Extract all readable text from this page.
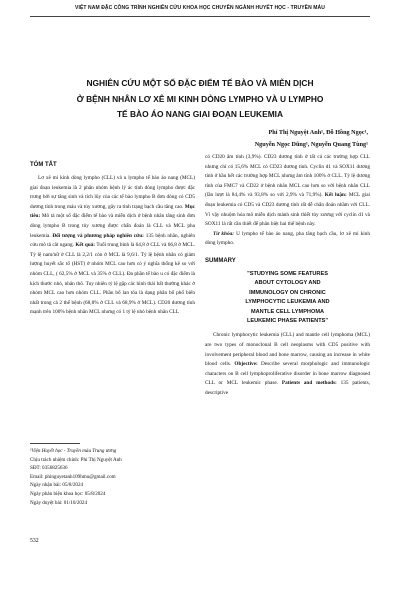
VIỆT NAM ĐẶC CÔNG TRÌNH NGHIÊN CỨU KHOA HỌC CHUYÊN NGÀNH HUYẾT HỌC - TRUYỀN MÁU
NGHIÊN CỨU MỘT SỐ ĐẶC ĐIỂM TẾ BÀO VÀ MIỄN DỊCH
Ở BỆNH NHÂN LƠ XÊ MI KINH DÒNG LYMPHO VÀ U LYMPHO
TẾ BÀO ÁO NANG GIAI ĐOẠN LEUKEMIA
Phí Thị Nguyệt Anh¹, Đỗ Hồng Ngọc¹,
Nguyễn Ngọc Dũng¹, Nguyễn Quang Tùng¹
TÓM TẮT

Lơ xê mi kinh dòng lympho (CLL) và u lympho tế bào áo nang (MCL) giai đoạn leukemia là 2 phân nhóm bệnh lý ác tính dòng lympho được đặc trưng bởi sự tăng sinh và tích lũy của các tế bào lympho B đơn dòng có CD5 dương tính trong máu và tủy xương, gây ra tình trạng bạch cầu tăng cao. Mục tiêu: Mô tả một số đặc điểm tế bào và miễn dịch ở bệnh nhân tăng sinh đơn dòng lympho B trong tủy xương được chẩn đoán là CLL và MCL pha leukemia. Đối tượng và phương pháp nghiên cứu: 135 bệnh nhân, nghiên cứu mô tả cắt ngang. Kết quả: Tuổi trung bình là 64,8 ở CLL và 66,8 ở MCL. Tỷ lệ nam/nữ ở CLL là 2,2/1 còn ở MCL là 9,6/1. Tỷ lệ bệnh nhân có giảm lượng huyết sắc tố (HST) ở nhóm MCL cao hơn có ý nghĩa thống kê so với nhóm CLL, ( 62,5% ở MCL và 35% ở CLL). Đa phần tế bào u có đặc điểm là kích thước nhỏ, nhân thô. Tuy nhiên tỷ lệ gặp các hình thái bất thường khác ở nhóm MCL cao hơn nhóm CLL. Phần bổ lan tỏa là dạng phân bố phổ biến nhất trong cả 2 thể bệnh (68,8% ở CLL và 68,9% ở MCL). CD20 dương tính mạnh trên 100% bệnh nhân MCL nhưng có 1 tỷ lệ nhỏ bệnh nhân CLL

có CD20 âm tính (3,9%). CD23 dương tính ở tất cả các trường hợp CLL nhưng chỉ có 15,6% MCL có CD23 dương tính. Cyclin d1 và SOX11 dương tính ở hầu hết các trường hợp MCL nhưng âm tính 100% ở CLL. Tỷ lệ dương tính của FMC7 và CD22 ở bệnh nhân MCL cao hơn so với bệnh nhân CLL (lần lượt là 84,4% và 93,8% so với 2,9% và 71,9%). Kết luận: MCL giai đoạn leukemia có CD5 và CD23 dương tính rất dễ chẩn đoán nhầm với CLL. Vì vậy nhuộm hóa mô miễn dịch mảnh sinh thiết tủy xương với cyclin d1 và SOX11 là rất cần thiết để phân biệt hai thể bệnh này.

Từ khóa: U lympho tế bào áo nang, pha tăng bạch cầu, lơ xê mi kinh dòng lympho.

SUMMARY
"STUDYING SOME FEATURES
ABOUT CYTOLOGY AND
IMMUNOLOGY ON CHRONIC
LYMPHOCYTIC LEUKEMIA AND
MANTLE CELL LYMPHOMA
LEUKEMIC PHASE PATIENTS"

Chronic lymphocytic leukemia (CLL) and mantle cell lymphoma (MCL) are two types of monoclonal B cell neoplasms with CD5 positive with involvement peripheral blood and bone marrow, causing an increase in white blood cells. Objective: Describe several morphologic and immunologic characters on B cell lymphoproliferative disorder in bone marrow diagnosed CLL or MCL leukemic phase. Patients and methods: 135 patients, descriptive

¹Viện Huyết học - Truyền máu Trung ương
Chịu trách nhiệm chính: Phí Thị Nguyệt Anh
SĐT: 0356825636
Email: phinguyetanh109hmu@gmail.com
Ngày nhận bài: 05/8/2024
Ngày phản biện khoa học: 05/8/2024
Ngày duyệt bài: 01/10/2024
532
